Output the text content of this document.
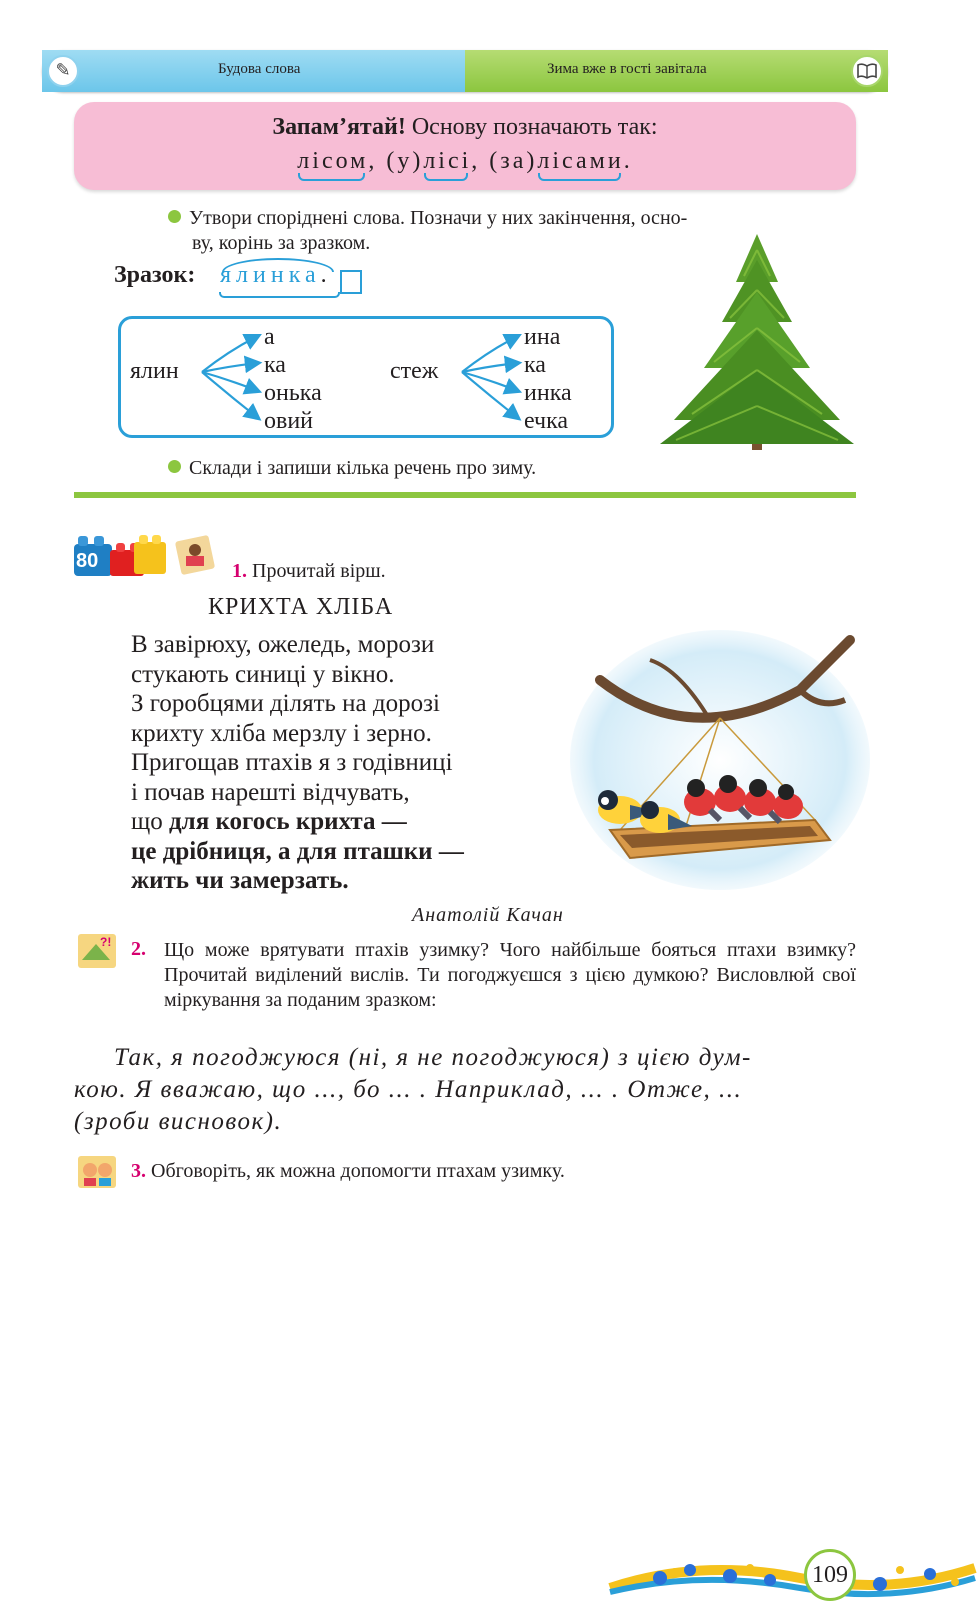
✎	Будова слова	Зима вже в гості завітала
Запам’ятай! Основу позначають так:
лісом, (у)лісі, (за)лісами.
Утвори споріднені слова. Позначи у них закінчення, осно-
ву, корінь за зразком.
Зразок: ялинка.
ялин
а
ка
онька
овий
стеж
ина
ка
инка
ечка
Склади і запиши кілька речень про зиму.
80	1. Прочитай вірш.
КРИХТА ХЛІБА
В завірюху, ожеледь, морози
стукають синиці у вікно.
З горобцями ділять на дорозі
крихту хліба мерзлу і зерно.
Пригощав птахів я з годівниці
і почав нарешті відчувать,
що для когось крихта —
це дрібниця, а для пташки —
жить чи замерзать.
Анатолій Качан
?! 2. Що може врятувати птахів узимку? Чого найбільше бояться птахи взимку? Прочитай виділений вислів. Ти погоджуєшся з цією думкою? Висловлюй свої міркування за поданим зразком:
Так, я погоджуюся (ні, я не погоджуюся) з цією дум-
кою. Я вважаю, що ..., бо ... . Наприклад, ... . Отже, ...
(зроби висновок).
3. Обговоріть, як можна допомогти птахам узимку.
109
